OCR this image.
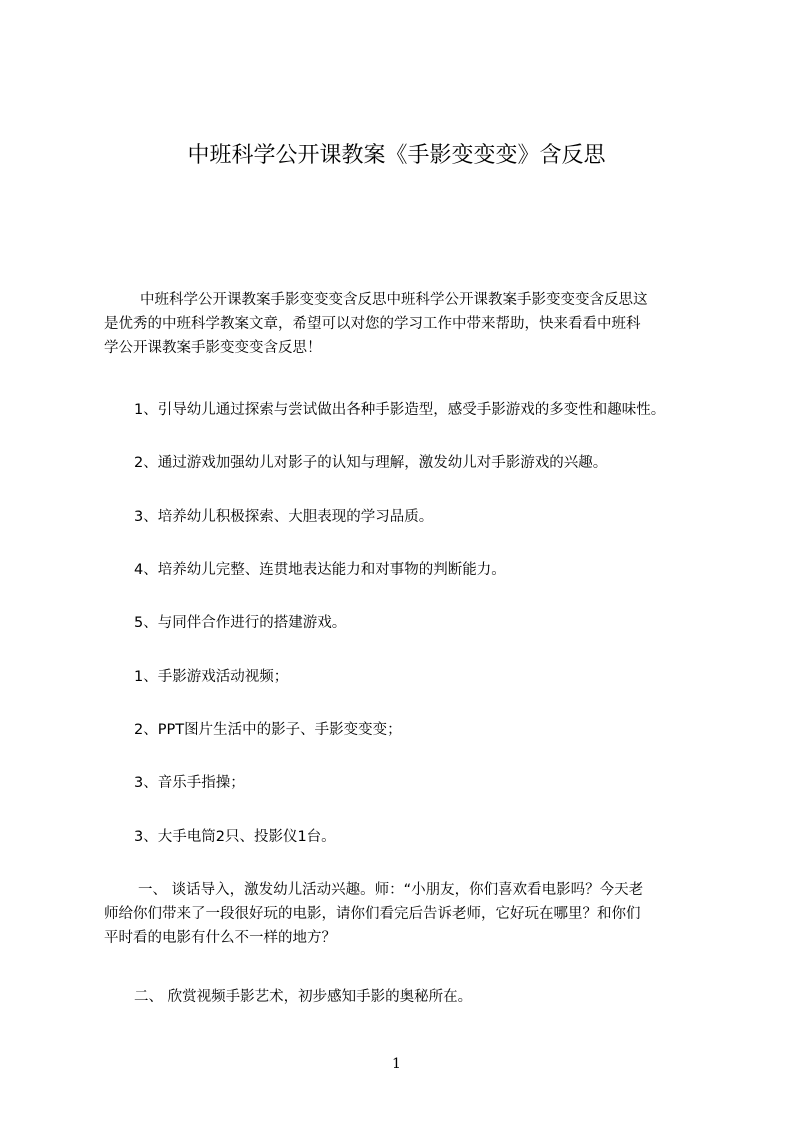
中班科学公开课教案《手影变变变》含反思
中班科学公开课教案手影变变变含反思中班科学公开课教案手影变变变含反思这
是优秀的中班科学教案文章，希望可以对您的学习工作中带来帮助，快来看看中班科
学公开课教案手影变变变含反思！
1、引导幼儿通过探索与尝试做出各种手影造型，感受手影游戏的多变性和趣味性。
2、通过游戏加强幼儿对影子的认知与理解，激发幼儿对手影游戏的兴趣。
3、培养幼儿积极探索、大胆表现的学习品质。
4、培养幼儿完整、连贯地表达能力和对事物的判断能力。
5、与同伴合作进行的搭建游戏。
1、手影游戏活动视频；
2、PPT图片生活中的影子、手影变变变；
3、音乐手指操；
3、大手电筒2只、投影仪1台。
一、 谈话导入，激发幼儿活动兴趣。师：“小朋友，你们喜欢看电影吗？今天老
师给你们带来了一段很好玩的电影，请你们看完后告诉老师，它好玩在哪里？和你们
平时看的电影有什么不一样的地方？
二、 欣赏视频手影艺术，初步感知手影的奥秘所在。
1
